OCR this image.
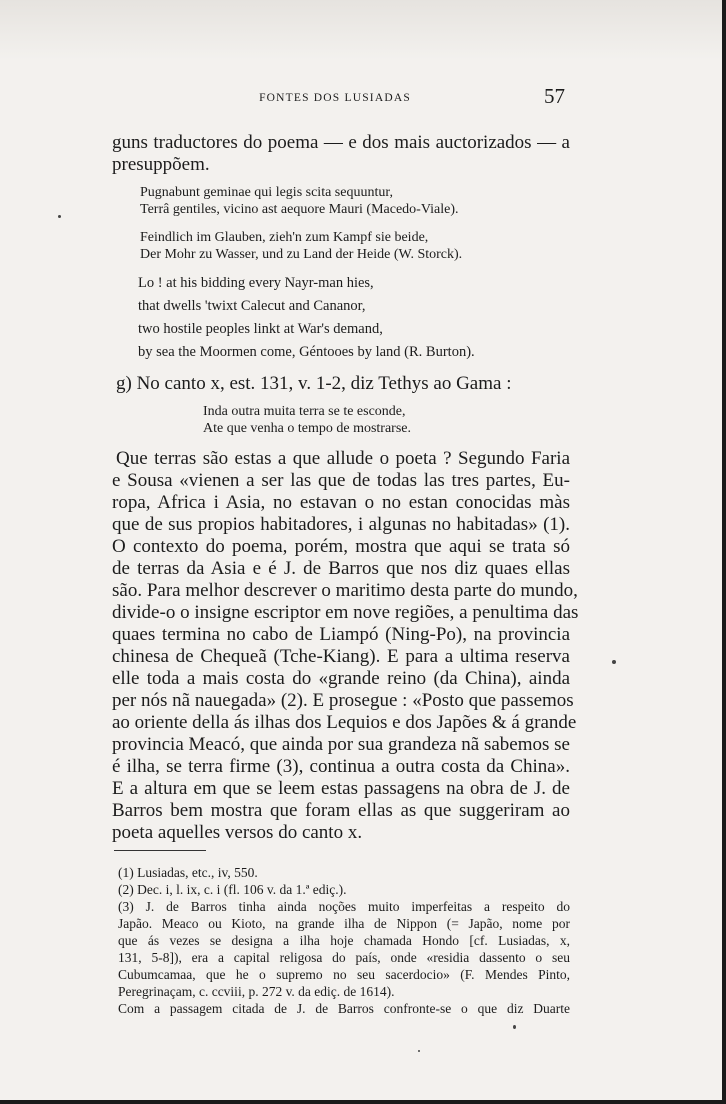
FONTES DOS LUSIADAS	57
guns traductores do poema — e dos mais auctorizados — a
presuppõem.
Pugnabunt geminae qui legis scita sequuntur,
Terrâ gentiles, vicino ast aequore Mauri (Macedo-Viale).
Feindlich im Glauben, zieh'n zum Kampf sie beide,
Der Mohr zu Wasser, und zu Land der Heide (W. Storck).
Lo ! at his bidding every Nayr-man hies,
that dwells 'twixt Calecut and Cananor,
two hostile peoples linkt at War's demand,
by sea the Moormen come, Géntooes by land (R. Burton).
g) No canto x, est. 131, v. 1-2, diz Tethys ao Gama :
Inda outra muita terra se te esconde,
Ate que venha o tempo de mostrarse.
Que terras são estas a que allude o poeta ? Segundo Faria
e Sousa «vienen a ser las que de todas las tres partes, Eu-
ropa, Africa i Asia, no estavan o no estan conocidas màs
que de sus propios habitadores, i algunas no habitadas» (1).
O contexto do poema, porém, mostra que aqui se trata só
de terras da Asia e é J. de Barros que nos diz quaes ellas
são. Para melhor descrever o maritimo desta parte do mundo,
divide-o o insigne escriptor em nove regiões, a penultima das
quaes termina no cabo de Liampó (Ning-Po), na provincia
chinesa de Chequeã (Tche-Kiang). E para a ultima reserva
elle toda a mais costa do «grande reino (da China), ainda
per nós nã nauegada» (2). E prosegue : «Posto que passemos
ao oriente della ás ilhas dos Lequios e dos Japões & á grande
provincia Meacó, que ainda por sua grandeza nã sabemos se
é ilha, se terra firme (3), continua a outra costa da China».
E a altura em que se leem estas passagens na obra de J. de
Barros bem mostra que foram ellas as que suggeriram ao
poeta aquelles versos do canto x.
(1) Lusiadas, etc., iv, 550.
(2) Dec. i, l. ix, c. i (fl. 106 v. da 1.ª ediç.).
(3) J. de Barros tinha ainda noções muito imperfeitas a respeito do
Japão. Meaco ou Kioto, na grande ilha de Nippon (= Japão, nome por
que ás vezes se designa a ilha hoje chamada Hondo [cf. Lusiadas, x,
131, 5-8]), era a capital religosa do país, onde «residia dassento o seu
Cubumcamaa, que he o supremo no seu sacerdocio» (F. Mendes Pinto,
Peregrinaçam, c. ccviii, p. 272 v. da ediç. de 1614).
Com a passagem citada de J. de Barros confronte-se o que diz Duarte
